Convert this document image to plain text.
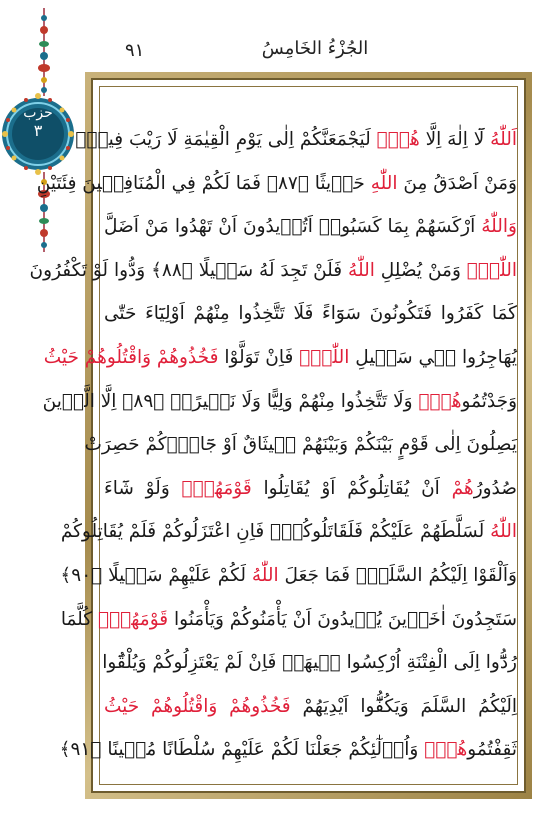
حزب
٣
٩١	الجُزْءُ الخَامِسُ
اَللّٰهُ لَٓا اِلٰهَ اِلَّا هُوَۜ لَيَجْمَعَنَّكُمْ اِلٰى يَوْمِ الْقِيٰمَةِ لَا رَيْبَ فِيهِۜ
وَمَنْ اَصْدَقُ مِنَ اللّٰهِ حَد۪يثًا ﴿٨٧﴾ فَمَا لَكُمْ فِي الْمُنَافِق۪ينَ فِئَتَيْنِ
وَاللّٰهُ اَرْكَسَهُمْ بِمَا كَسَبُواۜ اَتُر۪يدُونَ اَنْ تَهْدُوا مَنْ اَضَلَّ
اللّٰهُۜ وَمَنْ يُضْلِلِ اللّٰهُ فَلَنْ تَجِدَ لَهُ سَب۪يلًا ﴿٨٨﴾ وَدُّوا لَوْ تَكْفُرُونَ
كَمَا كَفَرُوا فَتَكُونُونَ سَوَٓاءً فَلَا تَتَّخِذُوا مِنْهُمْ اَوْلِيَٓاءَ حَتّٰى
يُهَاجِرُوا ف۪ي سَب۪يلِ اللّٰهِۜ فَاِنْ تَوَلَّوْا فَخُذُوهُمْ وَاقْتُلُوهُمْ حَيْثُ
وَجَدْتُمُوهُمْۖ وَلَا تَتَّخِذُوا مِنْهُمْ وَلِيًّا وَلَا نَص۪يرًاۙ ﴿٨٩﴾ اِلَّا الَّذ۪ينَ
يَصِلُونَ اِلٰى قَوْمٍ بَيْنَكُمْ وَبَيْنَهُمْ م۪يثَاقٌ اَوْ جَٓاؤُ۫كُمْ حَصِرَتْ
صُدُورُهُمْ اَنْ يُقَاتِلُوكُمْ اَوْ يُقَاتِلُوا قَوْمَهُمْۜ وَلَوْ شَٓاءَ
اللّٰهُ لَسَلَّطَهُمْ عَلَيْكُمْ فَلَقَاتَلُوكُمْۚ فَاِنِ اعْتَزَلُوكُمْ فَلَمْ يُقَاتِلُوكُمْ
وَاَلْقَوْا اِلَيْكُمُ السَّلَمَۙ فَمَا جَعَلَ اللّٰهُ لَكُمْ عَلَيْهِمْ سَب۪يلًا ﴿٩٠﴾
سَتَجِدُونَ اٰخَر۪ينَ يُر۪يدُونَ اَنْ يَأْمَنُوكُمْ وَيَأْمَنُوا قَوْمَهُمْۜ كُلَّمَا
رُدُّٓوا اِلَى الْفِتْنَةِ اُرْكِسُوا ف۪يهَاۚ فَاِنْ لَمْ يَعْتَزِلُوكُمْ وَيُلْقُٓوا
اِلَيْكُمُ السَّلَمَ وَيَكُفُّٓوا اَيْدِيَهُمْ فَخُذُوهُمْ وَاقْتُلُوهُمْ حَيْثُ
ثَقِفْتُمُوهُمْۜ وَاُو۬لٰٓئِكُمْ جَعَلْنَا لَكُمْ عَلَيْهِمْ سُلْطَانًا مُب۪ينًا ﴿٩١﴾
